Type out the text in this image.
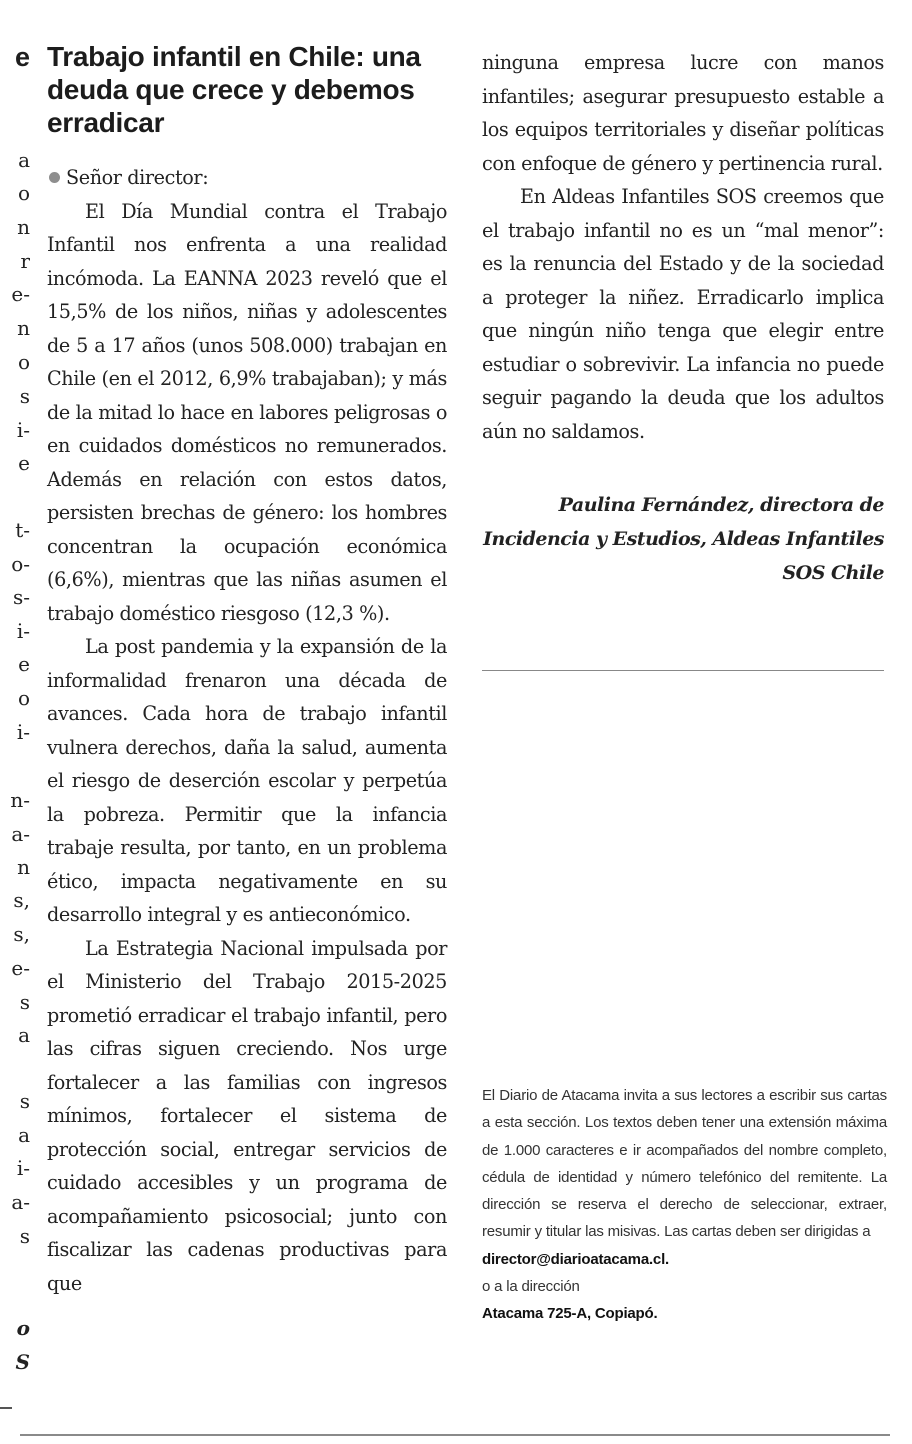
e
a
o
n
r
e-
n
o
s
i-
e
t-
o-
s-
i-
e
o
i-
n-
a-
n
s,
s,
e-
s
a
s
a
i-
a-
s
o
S
Trabajo infantil en Chile: una deuda que crece y debemos erradicar
Señor director:

El Día Mundial contra el Trabajo Infantil nos enfrenta a una realidad incómoda. La EANNA 2023 reveló que el 15,5% de los niños, niñas y adolescentes de 5 a 17 años (unos 508.000) trabajan en Chile (en el 2012, 6,9% trabajaban); y más de la mitad lo hace en labores peligrosas o en cuidados domésticos no remunerados. Además en relación con estos datos, persisten brechas de género: los hombres concentran la ocupación económica (6,6%), mientras que las niñas asumen el trabajo doméstico riesgoso (12,3 %).

La post pandemia y la expansión de la informalidad frenaron una década de avances. Cada hora de trabajo infantil vulnera derechos, daña la salud, aumenta el riesgo de deserción escolar y perpetúa la pobreza. Permitir que la infancia trabaje resulta, por tanto, en un problema ético, impacta negativamente en su desarrollo integral y es antieconómico.

La Estrategia Nacional impulsada por el Ministerio del Trabajo 2015-2025 prometió erradicar el trabajo infantil, pero las cifras siguen creciendo. Nos urge fortalecer a las familias con ingresos mínimos, fortalecer el sistema de protección social, entregar servicios de cuidado accesibles y un programa de acompañamiento psicosocial; junto con fiscalizar las cadenas productivas para que

ninguna empresa lucre con manos infantiles; asegurar presupuesto estable a los equipos territoriales y diseñar políticas con enfoque de género y pertinencia rural.

En Aldeas Infantiles SOS creemos que el trabajo infantil no es un “mal menor”: es la renuncia del Estado y de la sociedad a proteger la niñez. Erradicarlo implica que ningún niño tenga que elegir entre estudiar o sobrevivir. La infancia no puede seguir pagando la deuda que los adultos aún no saldamos.

Paulina Fernández, directora de Incidencia y Estudios, Aldeas Infantiles SOS Chile

El Diario de Atacama invita a sus lectores a escribir sus cartas a esta sección. Los textos deben tener una extensión máxima de 1.000 caracteres e ir acompañados del nombre completo, cédula de identidad y número telefónico del remitente. La dirección se reserva el derecho de seleccionar, extraer, resumir y titular las misivas. Las cartas deben ser dirigidas a

director@diarioatacama.cl.
o a la dirección
Atacama 725-A, Copiapó.
